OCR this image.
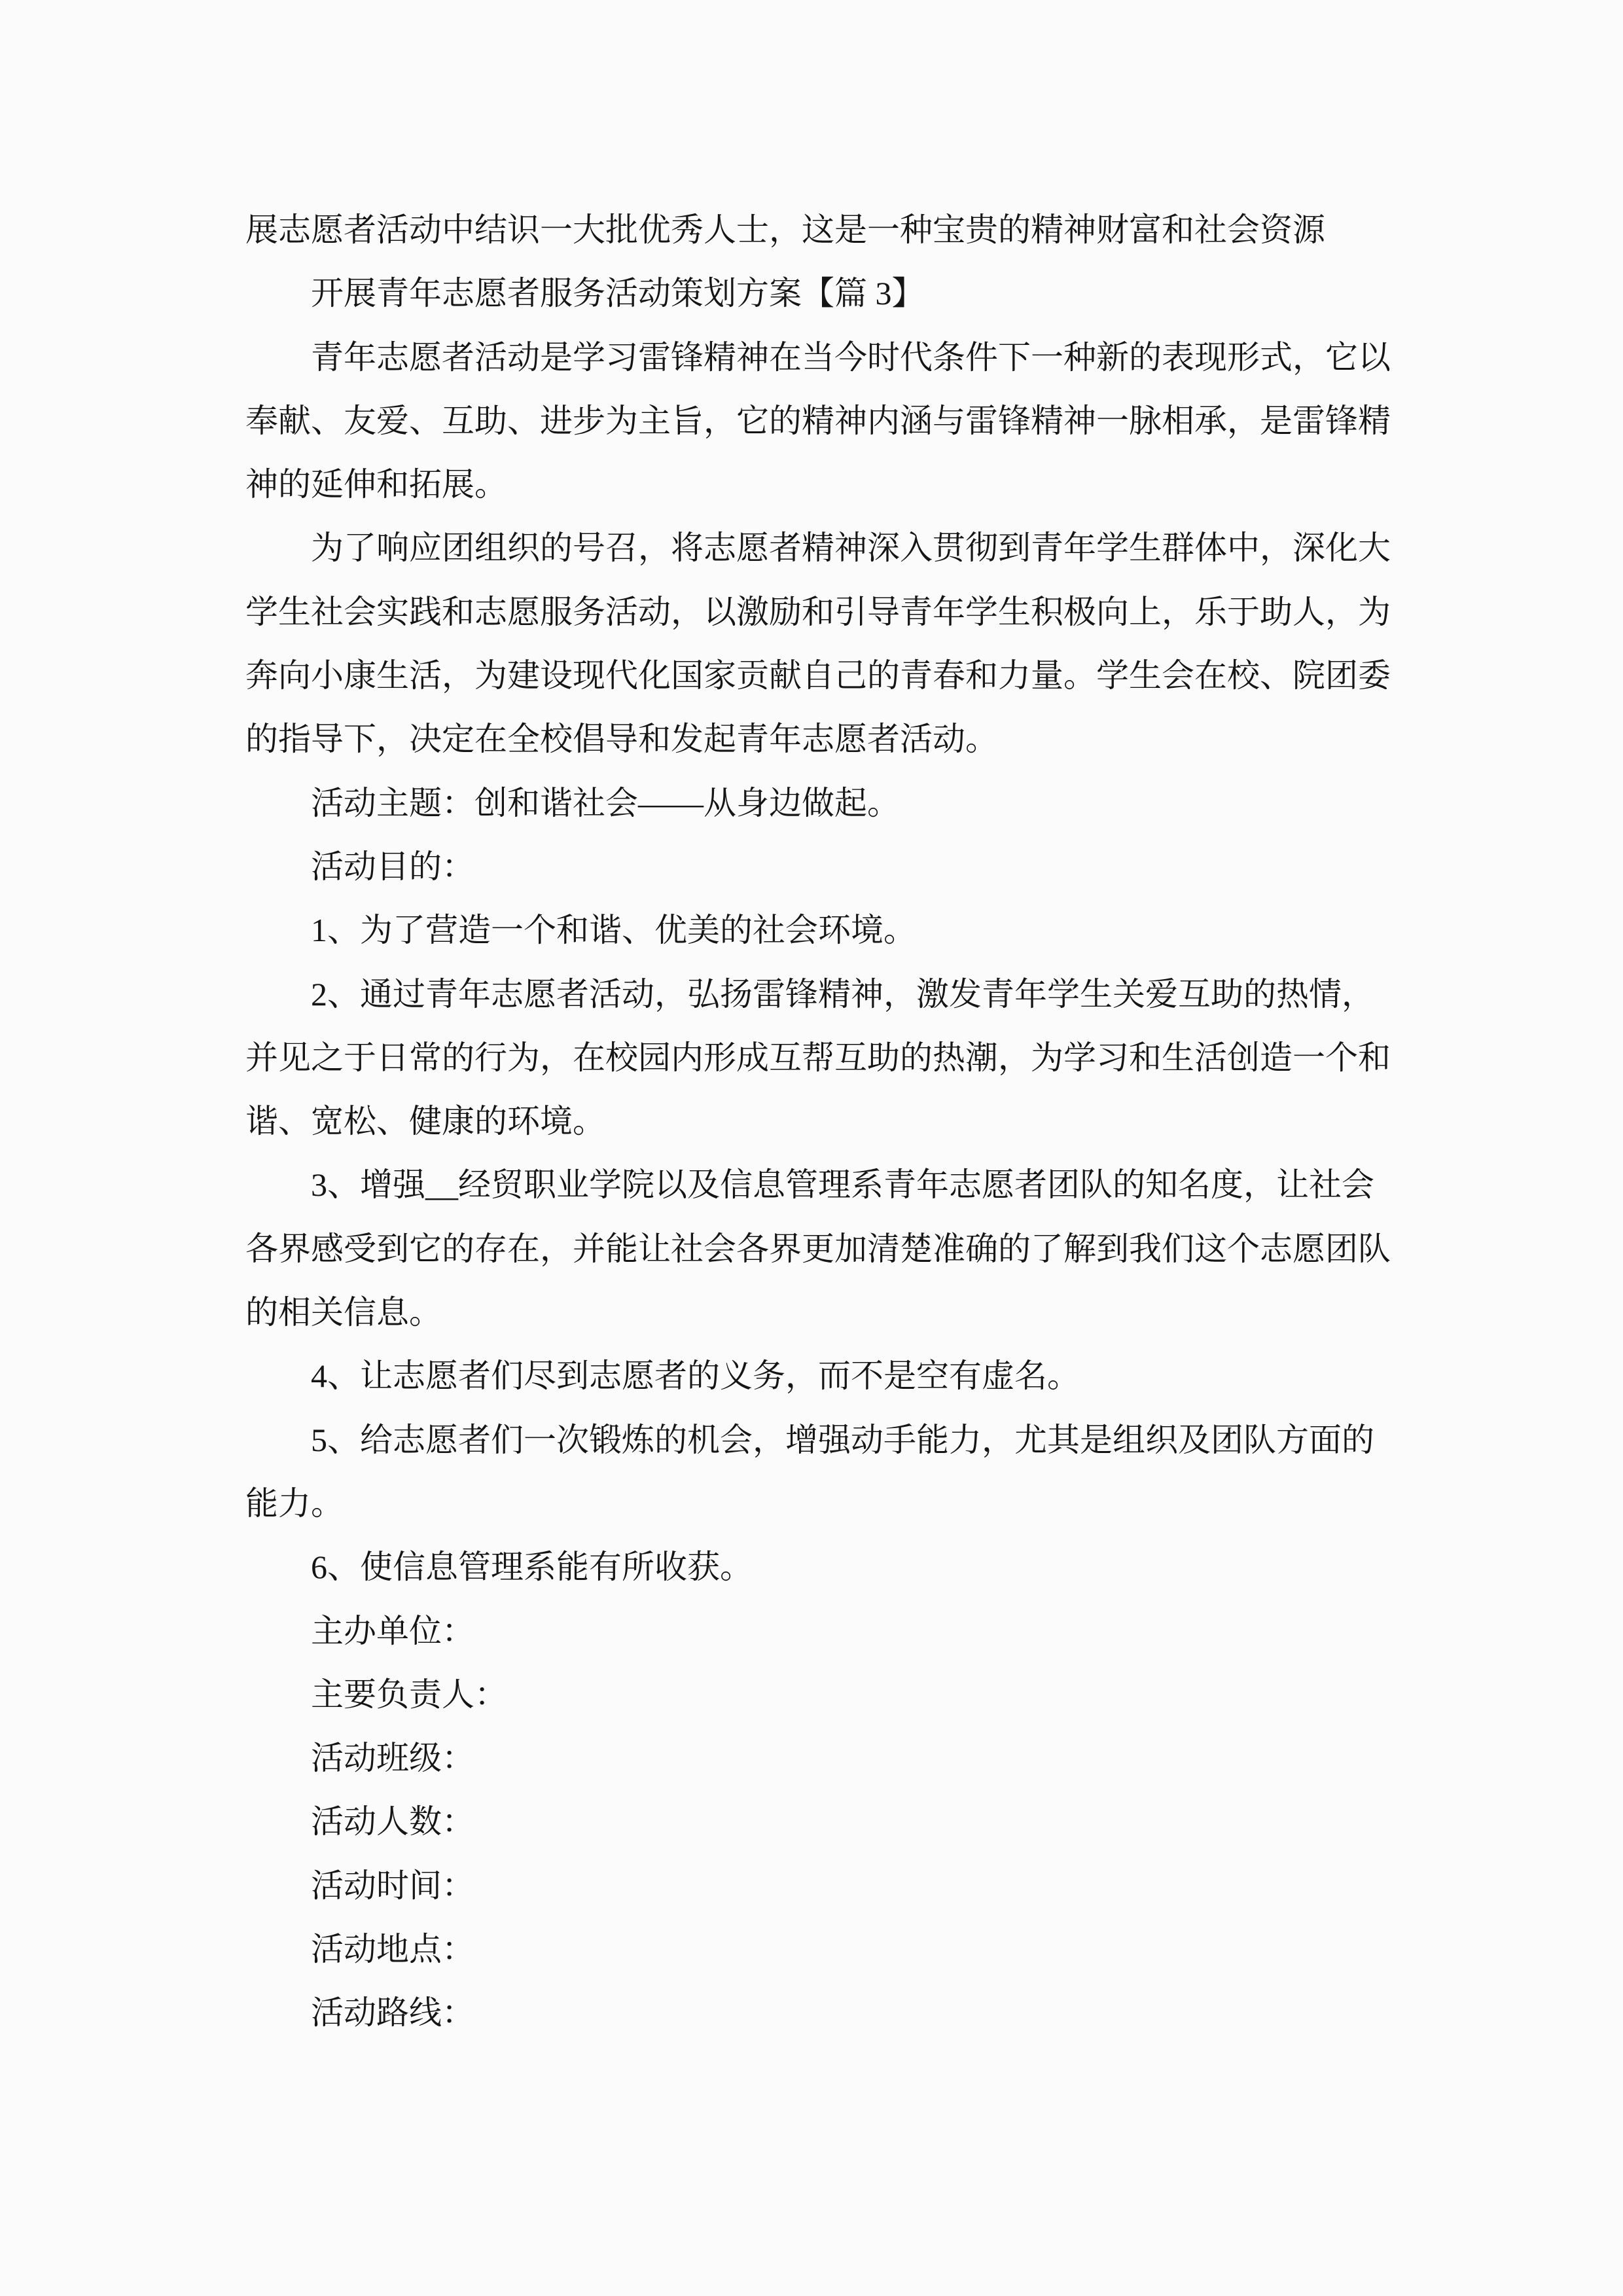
展志愿者活动中结识一大批优秀人士，这是一种宝贵的精神财富和社会资源
开展青年志愿者服务活动策划方案【篇 3】
青年志愿者活动是学习雷锋精神在当今时代条件下一种新的表现形式，它以
奉献、友爱、互助、进步为主旨，它的精神内涵与雷锋精神一脉相承，是雷锋精
神的延伸和拓展。
为了响应团组织的号召，将志愿者精神深入贯彻到青年学生群体中，深化大
学生社会实践和志愿服务活动，以激励和引导青年学生积极向上，乐于助人，为
奔向小康生活，为建设现代化国家贡献自己的青春和力量。学生会在校、院团委
的指导下，决定在全校倡导和发起青年志愿者活动。
活动主题：创和谐社会——从身边做起。
活动目的：
1、为了营造一个和谐、优美的社会环境。
2、通过青年志愿者活动，弘扬雷锋精神，激发青年学生关爱互助的热情，
并见之于日常的行为，在校园内形成互帮互助的热潮，为学习和生活创造一个和
谐、宽松、健康的环境。
3、增强__经贸职业学院以及信息管理系青年志愿者团队的知名度，让社会
各界感受到它的存在，并能让社会各界更加清楚准确的了解到我们这个志愿团队
的相关信息。
4、让志愿者们尽到志愿者的义务，而不是空有虚名。
5、给志愿者们一次锻炼的机会，增强动手能力，尤其是组织及团队方面的
能力。
6、使信息管理系能有所收获。
主办单位：
主要负责人：
活动班级：
活动人数：
活动时间：
活动地点：
活动路线：
